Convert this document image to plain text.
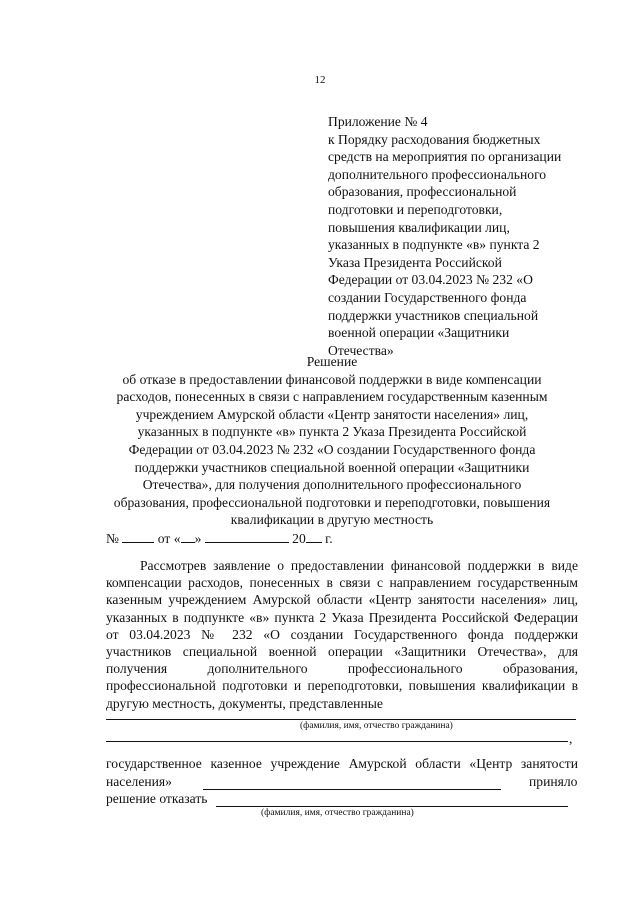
12
Приложение № 4
к Порядку расходования бюджетных
средств на мероприятия по организации
дополнительного профессионального
образования, профессиональной
подготовки и переподготовки,
повышения квалификации лиц,
указанных в подпункте «в» пункта 2
Указа Президента Российской
Федерации от 03.04.2023 № 232 «О
создании Государственного фонда
поддержки участников специальной
военной операции «Защитники
Отечества»
Решение
об отказе в предоставлении финансовой поддержки в виде компенсации
расходов, понесенных в связи с направлением государственным казенным
учреждением Амурской области «Центр занятости населения» лиц,
указанных в подпункте «в» пункта 2 Указа Президента Российской
Федерации от 03.04.2023 № 232 «О создании Государственного фонда
поддержки участников специальной военной операции «Защитники
Отечества», для получения дополнительного профессионального
образования, профессиональной подготовки и переподготовки, повышения
квалификации в другую местность
№	от « »	20 г.

Рассмотрев заявление о предоставлении финансовой поддержки в виде компенсации расходов, понесенных в связи с направлением государственным казенным учреждением Амурской области «Центр занятости населения» лиц, указанных в подпункте «в» пункта 2 Указа Президента Российской Федерации от 03.04.2023 № 232 «О создании Государственного фонда поддержки участников специальной военной операции «Защитники Отечества», для получения дополнительного профессионального образования, профессиональной подготовки и переподготовки, повышения квалификации в другую местность, документы, представленные

(фамилия, имя, отчество гражданина)
,
государственное казенное учреждение Амурской области «Центр занятости
населения»	приняло
решение отказать
(фамилия, имя, отчество гражданина)
